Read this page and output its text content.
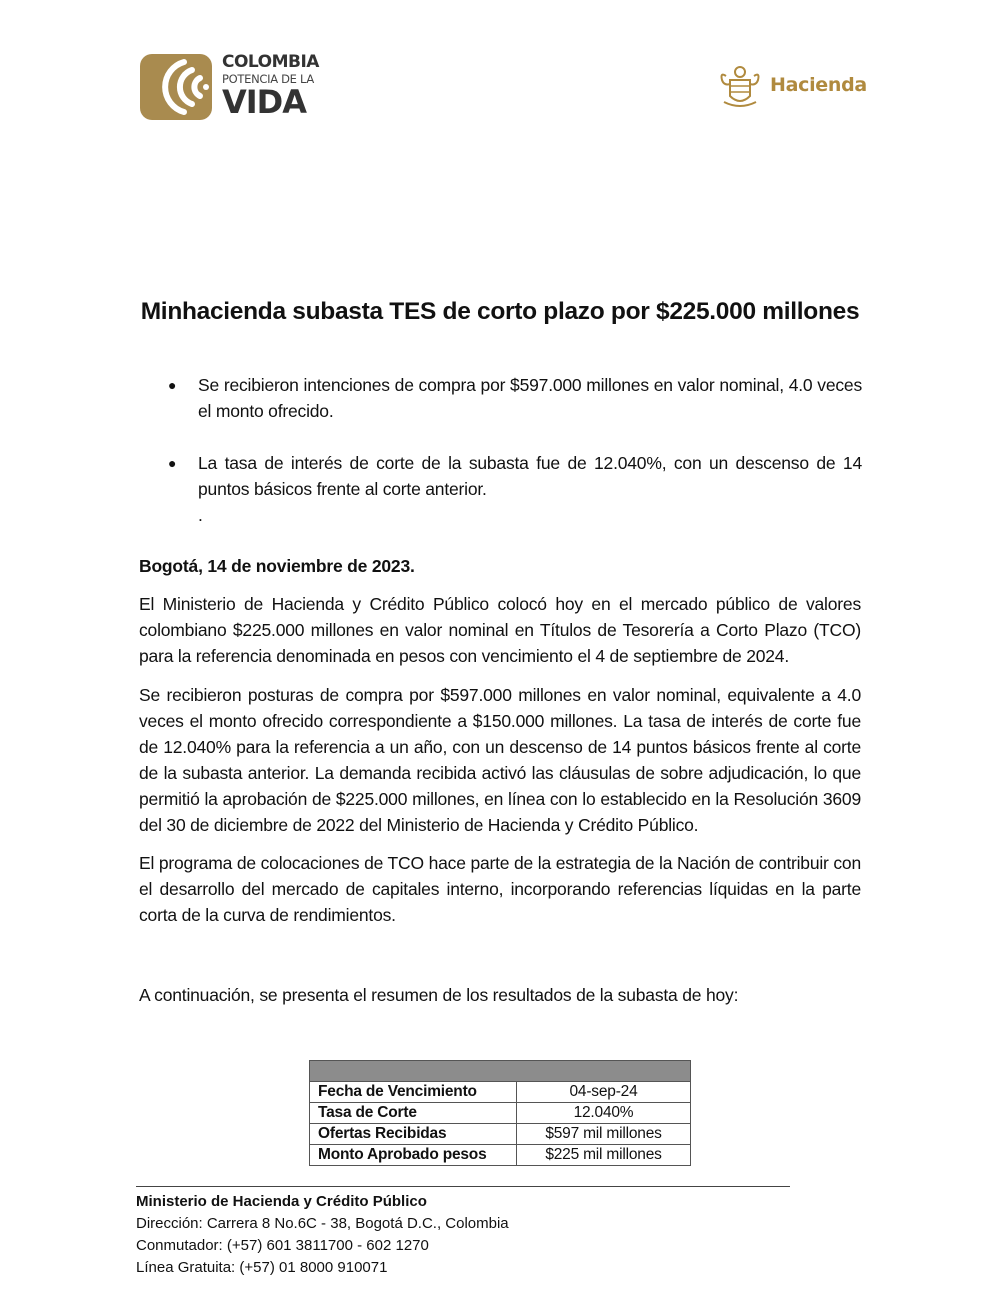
COLOMBIA
POTENCIA DE LA
VIDA	Hacienda
Minhacienda subasta TES de corto plazo por $225.000 millones
● Se recibieron intenciones de compra por $597.000 millones en valor nominal, 4.0 veces el monto ofrecido.
● La tasa de interés de corte de la subasta fue de 12.040%, con un descenso de 14 puntos básicos frente al corte anterior.
.
Bogotá, 14 de noviembre de 2023.
El Ministerio de Hacienda y Crédito Público colocó hoy en el mercado público de valores colombiano $225.000 millones en valor nominal en Títulos de Tesorería a Corto Plazo (TCO) para la referencia denominada en pesos con vencimiento el 4 de septiembre de 2024.
Se recibieron posturas de compra por $597.000 millones en valor nominal, equivalente a 4.0 veces el monto ofrecido correspondiente a $150.000 millones. La tasa de interés de corte fue de 12.040% para la referencia a un año, con un descenso de 14 puntos básicos frente al corte de la subasta anterior. La demanda recibida activó las cláusulas de sobre adjudicación, lo que permitió la aprobación de $225.000 millones, en línea con lo establecido en la Resolución 3609 del 30 de diciembre de 2022 del Ministerio de Hacienda y Crédito Público.
El programa de colocaciones de TCO hace parte de la estrategia de la Nación de contribuir con el desarrollo del mercado de capitales interno, incorporando referencias líquidas en la parte corta de la curva de rendimientos.
A continuación, se presenta el resumen de los resultados de la subasta de hoy:

Fecha de Vencimiento	04-sep-24
Tasa de Corte	12.040%
Ofertas Recibidas	$597 mil millones
Monto Aprobado pesos	$225 mil millones
Ministerio de Hacienda y Crédito Público
Dirección: Carrera 8 No.6C - 38, Bogotá D.C., Colombia
Conmutador: (+57) 601 3811700 - 602 1270
Línea Gratuita: (+57) 01 8000 910071
